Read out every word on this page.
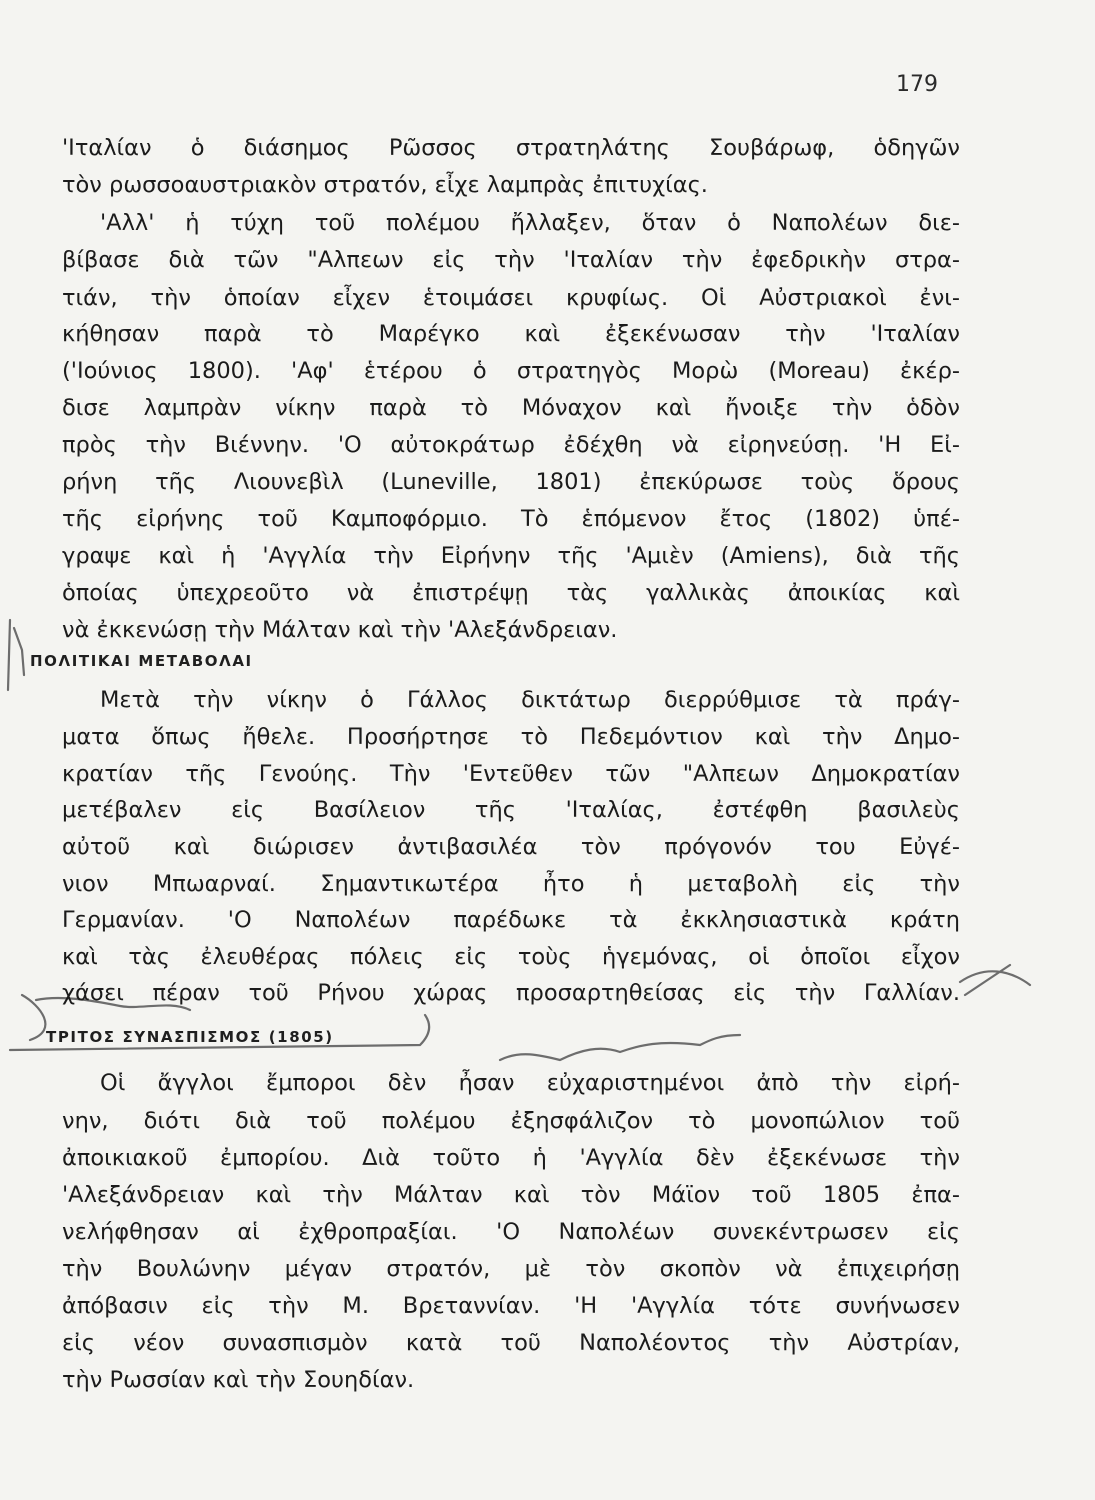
179
'Ιταλίαν ὁ διάσημος Ρῶσσος στρατηλάτης Σουβάρωφ, ὁδηγῶν
τὸν ρωσσοαυστριακὸν στρατόν, εἶχε λαμπρὰς ἐπιτυχίας.
'Αλλ' ἡ τύχη τοῦ πολέμου ἤλλαξεν, ὅταν ὁ Ναπολέων διε-
βίβασε διὰ τῶν "Αλπεων εἰς τὴν 'Ιταλίαν τὴν ἐφεδρικὴν στρα-
τιάν, τὴν ὁποίαν εἶχεν ἑτοιμάσει κρυφίως. Οἱ Αὐστριακοὶ ἐνι-
κήθησαν παρὰ τὸ Μαρέγκο καὶ ἐξεκένωσαν τὴν 'Ιταλίαν
('Ιούνιος 1800). 'Αφ' ἑτέρου ὁ στρατηγὸς Μορὼ (Moreau) ἐκέρ-
δισε λαμπρὰν νίκην παρὰ τὸ Μόναχον καὶ ἤνοιξε τὴν ὁδὸν
πρὸς τὴν Βιέννην. 'Ο αὐτοκράτωρ ἐδέχθη νὰ εἰρηνεύσῃ. 'Η Εἰ-
ρήνη τῆς Λιουνεβὶλ (Luneville, 1801) ἐπεκύρωσε τοὺς ὅρους
τῆς εἰρήνης τοῦ Καμποφόρμιο. Τὸ ἑπόμενον ἔτος (1802) ὑπέ-
γραψε καὶ ἡ 'Αγγλία τὴν Εἰρήνην τῆς 'Αμιὲν (Amiens), διὰ τῆς
ὁποίας ὑπεχρεοῦτο νὰ ἐπιστρέψῃ τὰς γαλλικὰς ἀποικίας καὶ
νὰ ἐκκενώσῃ τὴν Μάλταν καὶ τὴν 'Αλεξάνδρειαν.
ΠΟΛΙΤΙΚΑΙ ΜΕΤΑΒΟΛΑΙ
Μετὰ τὴν νίκην ὁ Γάλλος δικτάτωρ διερρύθμισε τὰ πράγ-
ματα ὅπως ἤθελε. Προσήρτησε τὸ Πεδεμόντιον καὶ τὴν Δημο-
κρατίαν τῆς Γενούης. Τὴν 'Εντεῦθεν τῶν "Αλπεων Δημοκρατίαν
μετέβαλεν εἰς Βασίλειον τῆς 'Ιταλίας, ἐστέφθη βασιλεὺς
αὐτοῦ καὶ διώρισεν ἀντιβασιλέα τὸν πρόγονόν του Εὐγέ-
νιον Μπωαρναί. Σημαντικωτέρα ἦτο ἡ μεταβολὴ εἰς τὴν
Γερμανίαν. 'Ο Ναπολέων παρέδωκε τὰ ἐκκλησιαστικὰ κράτη
καὶ τὰς ἐλευθέρας πόλεις εἰς τοὺς ἡγεμόνας, οἱ ὁποῖοι εἶχον
χάσει πέραν τοῦ Ρήνου χώρας προσαρτηθείσας εἰς τὴν Γαλλίαν.
ΤΡΙΤΟΣ ΣΥΝΑΣΠΙΣΜΟΣ (1805)
Οἱ ἄγγλοι ἔμποροι δὲν ἦσαν εὐχαριστημένοι ἀπὸ τὴν εἰρή-
νην, διότι διὰ τοῦ πολέμου ἐξησφάλιζον τὸ μονοπώλιον τοῦ
ἀποικιακοῦ ἐμπορίου. Διὰ τοῦτο ἡ 'Αγγλία δὲν ἐξεκένωσε τὴν
'Αλεξάνδρειαν καὶ τὴν Μάλταν καὶ τὸν Μάϊον τοῦ 1805 ἐπα-
νελήφθησαν αἱ ἐχθροπραξίαι. 'Ο Ναπολέων συνεκέντρωσεν εἰς
τὴν Βουλώνην μέγαν στρατόν, μὲ τὸν σκοπὸν νὰ ἐπιχειρήσῃ
ἀπόβασιν εἰς τὴν Μ. Βρεταννίαν. 'Η 'Αγγλία τότε συνήνωσεν
εἰς νέον συνασπισμὸν κατὰ τοῦ Ναπολέοντος τὴν Αὐστρίαν,
τὴν Ρωσσίαν καὶ τὴν Σουηδίαν.
